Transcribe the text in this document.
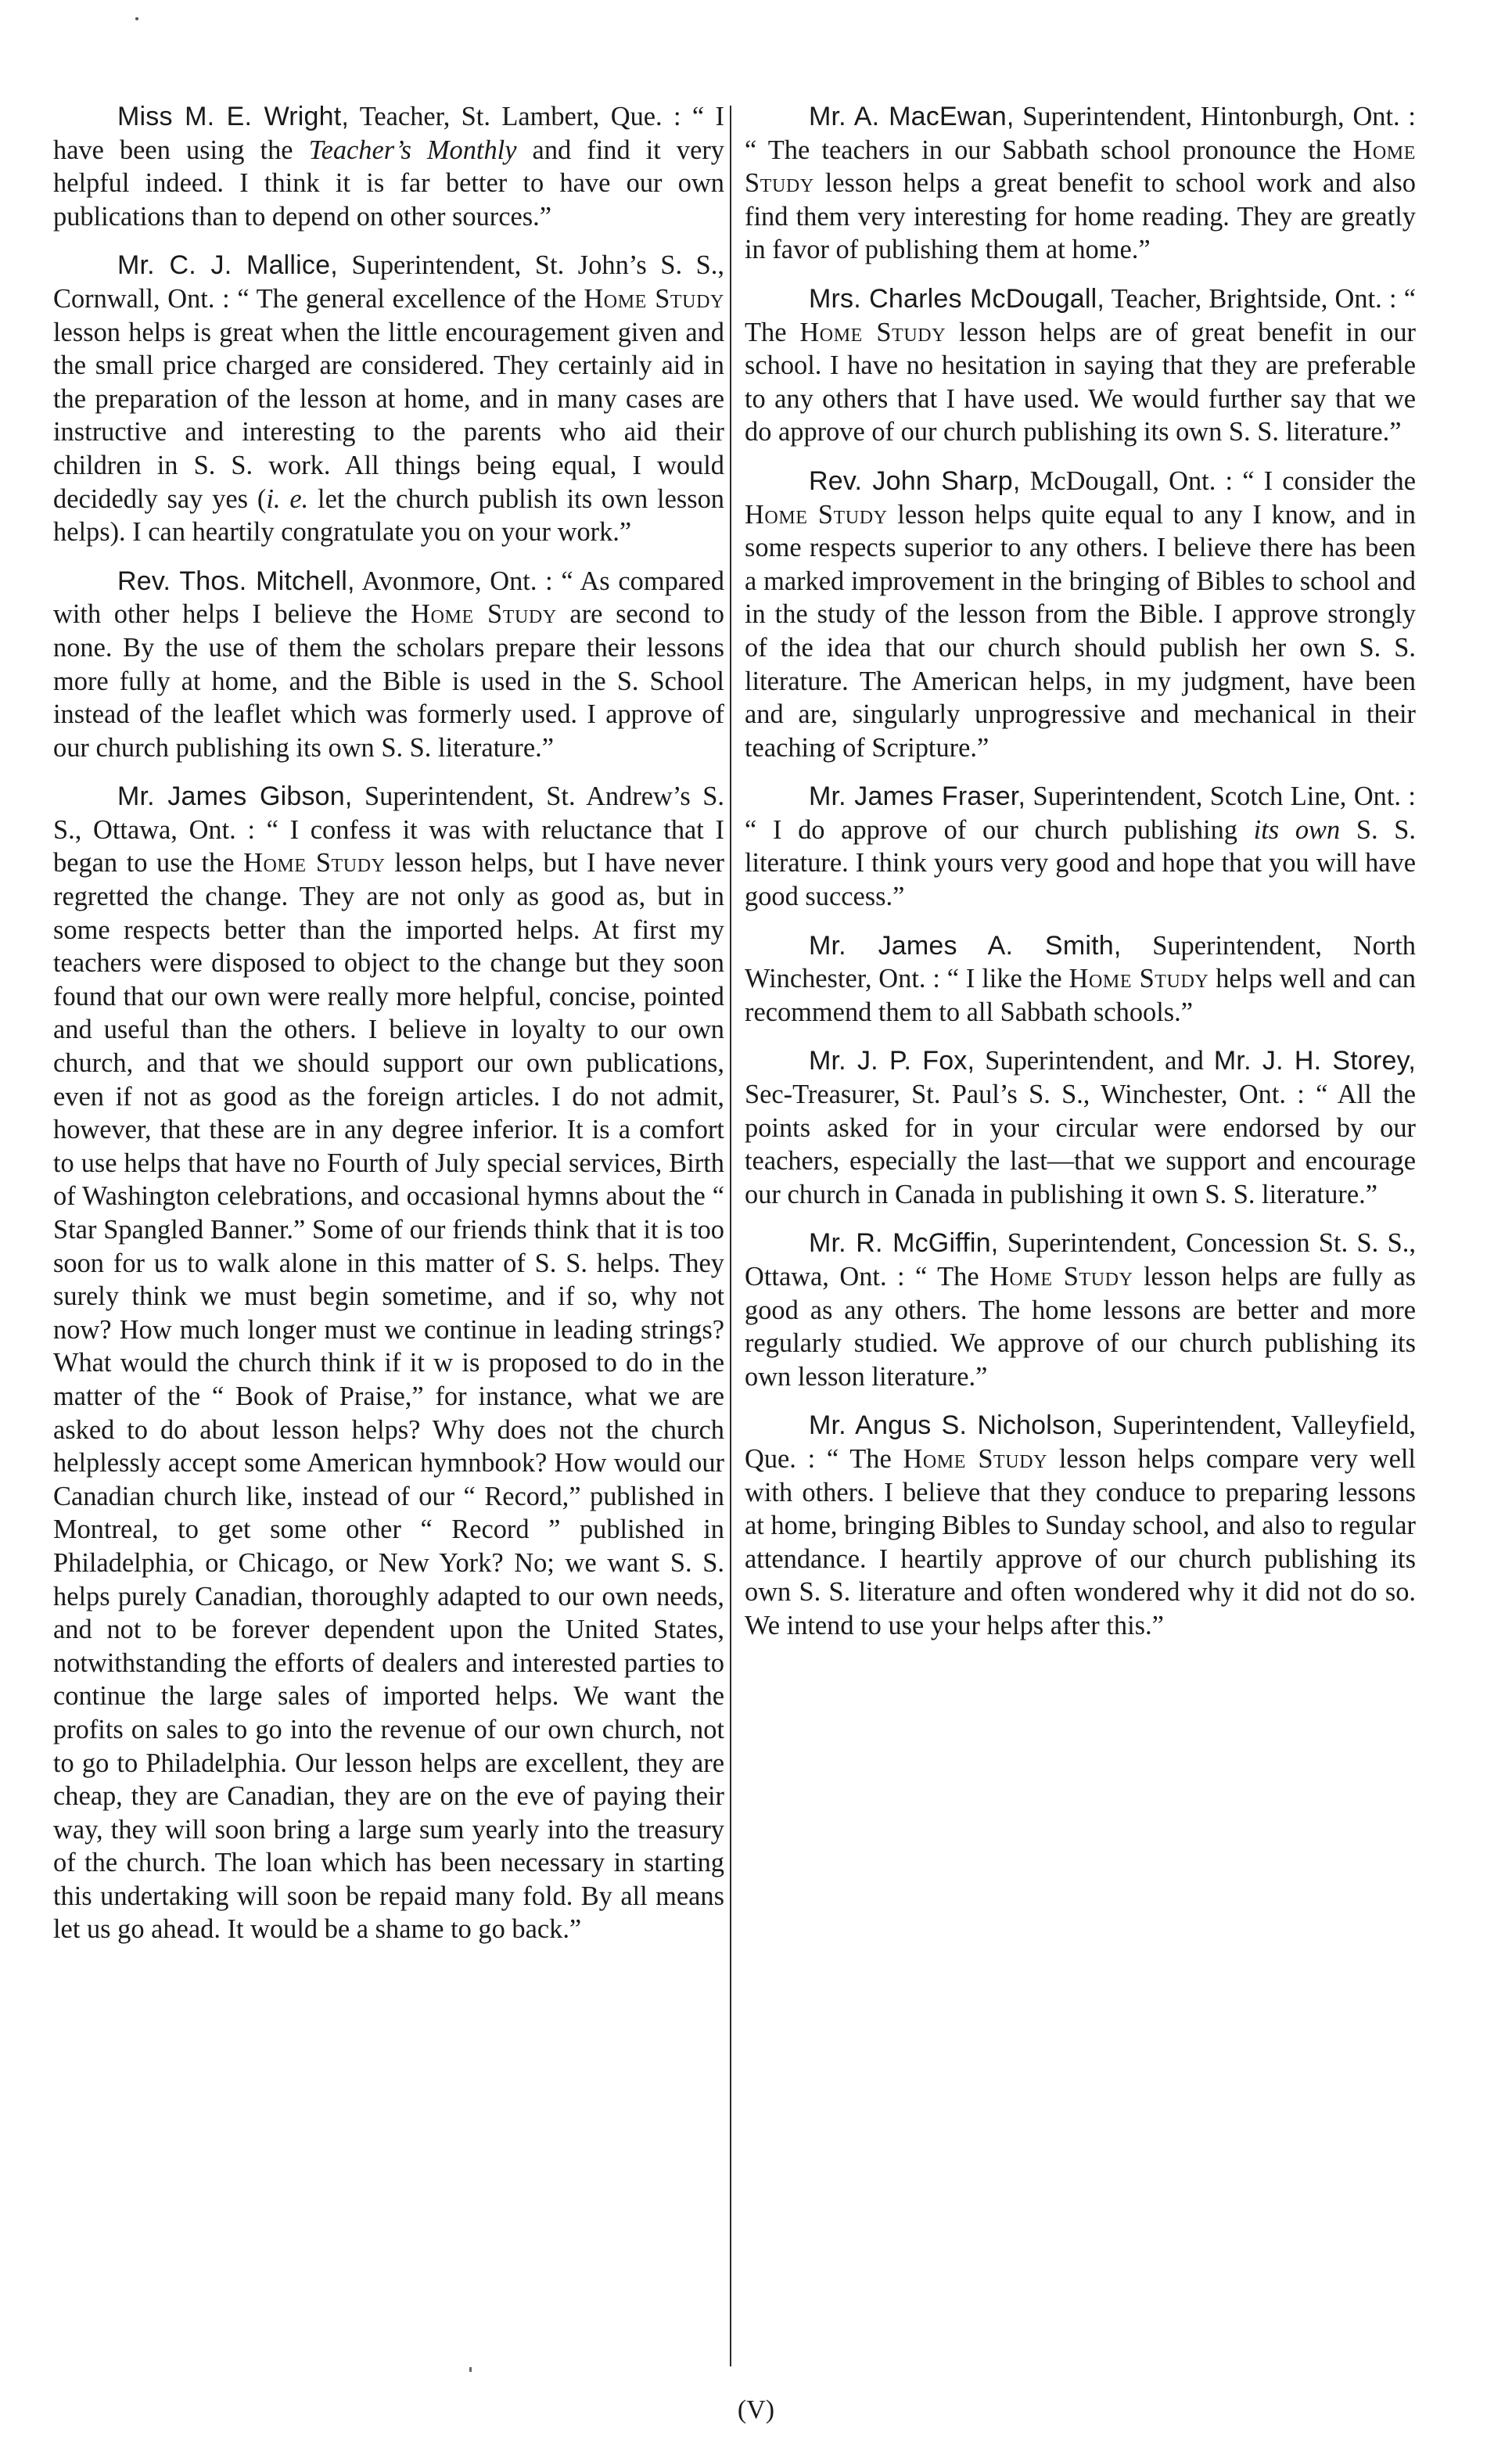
Miss M. E. Wright, Teacher, St. Lambert, Que. : “ I have been using the Teacher’s Monthly and find it very helpful indeed. I think it is far better to have our own publications than to depend on other sources.”

Mr. C. J. Mallice, Superintendent, St. John’s S. S., Cornwall, Ont. : “ The general excellence of the Home Study lesson helps is great when the little encouragement given and the small price charged are considered. They certainly aid in the preparation of the lesson at home, and in many cases are instructive and interesting to the parents who aid their children in S. S. work. All things being equal, I would decidedly say yes (i. e. let the church publish its own lesson helps). I can heartily congratulate you on your work.”

Rev. Thos. Mitchell, Avonmore, Ont. : “ As compared with other helps I believe the Home Study are second to none. By the use of them the scholars prepare their lessons more fully at home, and the Bible is used in the S. School instead of the leaflet which was formerly used. I approve of our church publishing its own S. S. literature.”

Mr. James Gibson, Superintendent, St. Andrew’s S. S., Ottawa, Ont. : “ I confess it was with reluctance that I began to use the Home Study lesson helps, but I have never regretted the change. They are not only as good as, but in some respects better than the imported helps. At first my teachers were disposed to object to the change but they soon found that our own were really more helpful, concise, pointed and useful than the others. I believe in loyalty to our own church, and that we should support our own publications, even if not as good as the foreign articles. I do not admit, however, that these are in any degree inferior. It is a comfort to use helps that have no Fourth of July special services, Birth of Washington celebrations, and occasional hymns about the “ Star Spangled Banner.” Some of our friends think that it is too soon for us to walk alone in this matter of S. S. helps. They surely think we must begin sometime, and if so, why not now? How much longer must we continue in leading strings? What would the church think if it w is proposed to do in the matter of the “ Book of Praise,” for instance, what we are asked to do about lesson helps? Why does not the church helplessly accept some American hymnbook? How would our Canadian church like, instead of our “ Record,” published in Montreal, to get some other “ Record ” published in Philadelphia, or Chicago, or New York? No; we want S. S. helps purely Canadian, thoroughly adapted to our own needs, and not to be forever dependent upon the United States, notwithstanding the efforts of dealers and interested parties to continue the large sales of imported helps. We want the profits on sales to go into the revenue of our own church, not to go to Philadelphia. Our lesson helps are excellent, they are cheap, they are Canadian, they are on the eve of paying their way, they will soon bring a large sum yearly into the treasury of the church. The loan which has been necessary in starting this undertaking will soon be repaid many fold. By all means let us go ahead. It would be a shame to go back.”

Mr. A. MacEwan, Superintendent, Hintonburgh, Ont. : “ The teachers in our Sabbath school pronounce the Home Study lesson helps a great benefit to school work and also find them very interesting for home reading. They are greatly in favor of publishing them at home.”

Mrs. Charles McDougall, Teacher, Brightside, Ont. : “ The Home Study lesson helps are of great benefit in our school. I have no hesitation in saying that they are preferable to any others that I have used. We would further say that we do approve of our church publishing its own S. S. literature.”

Rev. John Sharp, McDougall, Ont. : “ I consider the Home Study lesson helps quite equal to any I know, and in some respects superior to any others. I believe there has been a marked improvement in the bringing of Bibles to school and in the study of the lesson from the Bible. I approve strongly of the idea that our church should publish her own S. S. literature. The American helps, in my judgment, have been and are, singularly unprogressive and mechanical in their teaching of Scripture.”

Mr. James Fraser, Superintendent, Scotch Line, Ont. : “ I do approve of our church publishing its own S. S. literature. I think yours very good and hope that you will have good success.”

Mr. James A. Smith, Superintendent, North Winchester, Ont. : “ I like the Home Study helps well and can recommend them to all Sabbath schools.”

Mr. J. P. Fox, Superintendent, and Mr. J. H. Storey, Sec-Treasurer, St. Paul’s S. S., Winchester, Ont. : “ All the points asked for in your circular were endorsed by our teachers, especially the last—that we support and encourage our church in Canada in publishing it own S. S. literature.”

Mr. R. McGiffin, Superintendent, Concession St. S. S., Ottawa, Ont. : “ The Home Study lesson helps are fully as good as any others. The home lessons are better and more regularly studied. We approve of our church publishing its own lesson literature.”

Mr. Angus S. Nicholson, Superintendent, Valleyfield, Que. : “ The Home Study lesson helps compare very well with others. I believe that they conduce to preparing lessons at home, bringing Bibles to Sunday school, and also to regular attendance. I heartily approve of our church publishing its own S. S. literature and often wondered why it did not do so. We intend to use your helps after this.”

(V)
